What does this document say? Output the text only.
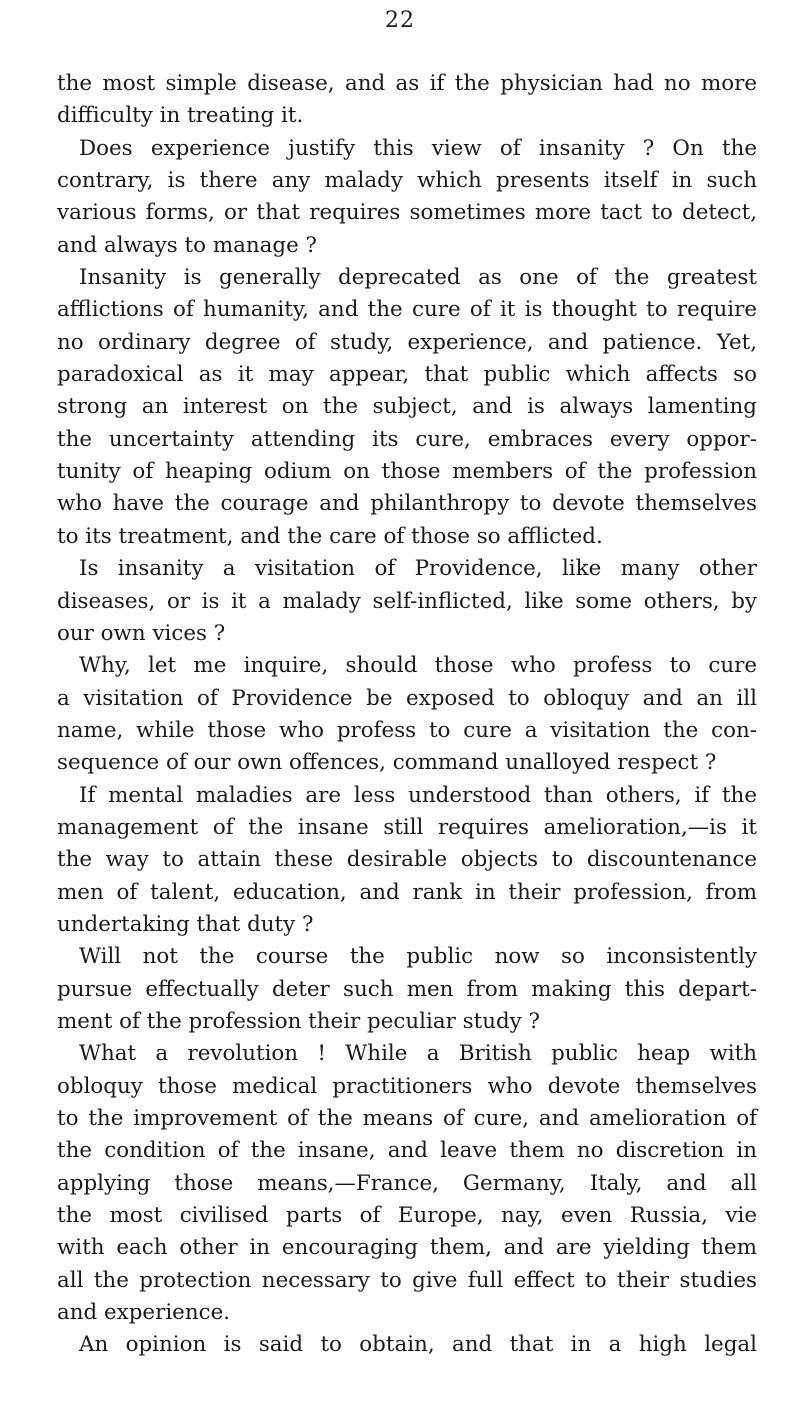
22
the most simple disease, and as if the physician had no more
difficulty in treating it.
Does experience justify this view of insanity ? On the
contrary, is there any malady which presents itself in such
various forms, or that requires sometimes more tact to detect,
and always to manage ?
Insanity is generally deprecated as one of the greatest
afflictions of humanity, and the cure of it is thought to require
no ordinary degree of study, experience, and patience. Yet,
paradoxical as it may appear, that public which affects so
strong an interest on the subject, and is always lamenting
the uncertainty attending its cure, embraces every oppor-
tunity of heaping odium on those members of the profession
who have the courage and philanthropy to devote themselves
to its treatment, and the care of those so afflicted.
Is insanity a visitation of Providence, like many other
diseases, or is it a malady self-inflicted, like some others, by
our own vices ?
Why, let me inquire, should those who profess to cure
a visitation of Providence be exposed to obloquy and an ill
name, while those who profess to cure a visitation the con-
sequence of our own offences, command unalloyed respect ?
If mental maladies are less understood than others, if the
management of the insane still requires amelioration,—is it
the way to attain these desirable objects to discountenance
men of talent, education, and rank in their profession, from
undertaking that duty ?
Will not the course the public now so inconsistently
pursue effectually deter such men from making this depart-
ment of the profession their peculiar study ?
What a revolution ! While a British public heap with
obloquy those medical practitioners who devote themselves
to the improvement of the means of cure, and amelioration of
the condition of the insane, and leave them no discretion in
applying those means,—France, Germany, Italy, and all
the most civilised parts of Europe, nay, even Russia, vie
with each other in encouraging them, and are yielding them
all the protection necessary to give full effect to their studies
and experience.
An opinion is said to obtain, and that in a high legal
